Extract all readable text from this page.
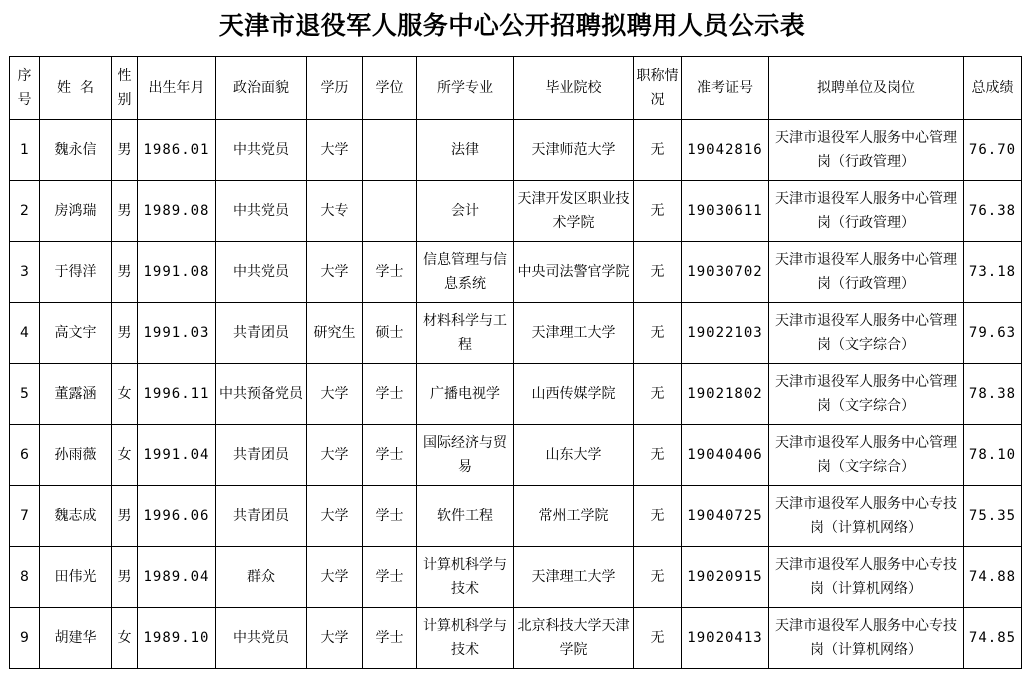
天津市退役军人服务中心公开招聘拟聘用人员公示表
序号	姓  名	性别	出生年月	政治面貌	学历	学位	所学专业	毕业院校	职称情况	准考证号	拟聘单位及岗位	总成绩
1	魏永信	男	1986.01	中共党员	大学		法律	天津师范大学	无	19042816	天津市退役军人服务中心管理岗（行政管理）	76.70
2	房鸿瑞	男	1989.08	中共党员	大专		会计	天津开发区职业技术学院	无	19030611	天津市退役军人服务中心管理岗（行政管理）	76.38
3	于得洋	男	1991.08	中共党员	大学	学士	信息管理与信息系统	中央司法警官学院	无	19030702	天津市退役军人服务中心管理岗（行政管理）	73.18
4	高文宇	男	1991.03	共青团员	研究生	硕士	材料科学与工程	天津理工大学	无	19022103	天津市退役军人服务中心管理岗（文字综合）	79.63
5	董露涵	女	1996.11	中共预备党员	大学	学士	广播电视学	山西传媒学院	无	19021802	天津市退役军人服务中心管理岗（文字综合）	78.38
6	孙雨薇	女	1991.04	共青团员	大学	学士	国际经济与贸易	山东大学	无	19040406	天津市退役军人服务中心管理岗（文字综合）	78.10
7	魏志成	男	1996.06	共青团员	大学	学士	软件工程	常州工学院	无	19040725	天津市退役军人服务中心专技岗（计算机网络）	75.35
8	田伟光	男	1989.04	群众	大学	学士	计算机科学与技术	天津理工大学	无	19020915	天津市退役军人服务中心专技岗（计算机网络）	74.88
9	胡建华	女	1989.10	中共党员	大学	学士	计算机科学与技术	北京科技大学天津学院	无	19020413	天津市退役军人服务中心专技岗（计算机网络）	74.85
